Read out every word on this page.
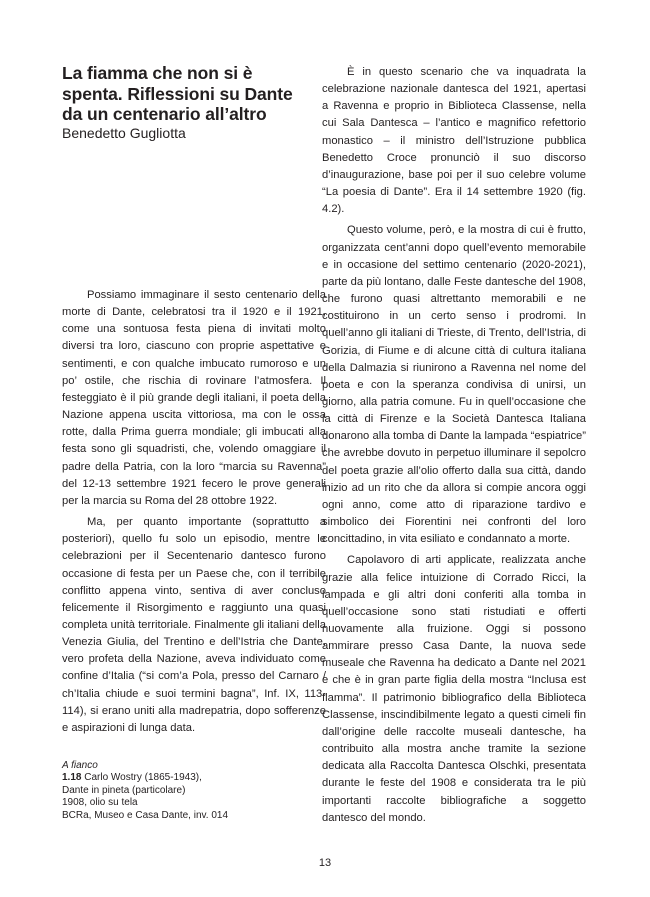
La fiamma che non si è spenta. Riflessioni su Dante da un centenario all’altro
Benedetto Gugliotta

Possiamo immaginare il sesto centenario della morte di Dante, celebratosi tra il 1920 e il 1921, come una sontuosa festa piena di invitati molto diversi tra loro, ciascuno con proprie aspettative e sentimenti, e con qualche imbucato rumoroso e un po’ ostile, che rischia di rovinare l’atmosfera. Il festeggiato è il più grande degli italiani, il poeta della Nazione appena uscita vittoriosa, ma con le ossa rotte, dalla Prima guerra mondiale; gli imbucati alla festa sono gli squadristi, che, volendo omaggiare il padre della Patria, con la loro “marcia su Ravenna” del 12-13 settembre 1921 fecero le prove generali per la marcia su Roma del 28 ottobre 1922.

Ma, per quanto importante (soprattutto a posteriori), quello fu solo un episodio, mentre le celebrazioni per il Secentenario dantesco furono occasione di festa per un Paese che, con il terribile conflitto appena vinto, sentiva di aver concluso felicemente il Risorgimento e raggiunto una quasi completa unità territoriale. Finalmente gli italiani della Venezia Giulia, del Trentino e dell’Istria che Dante, vero profeta della Nazione, aveva individuato come confine d’Italia (“si com’a Pola, presso del Carnaro / ch’Italia chiude e suoi termini bagna”, Inf. IX, 113-114), si erano uniti alla madrepatria, dopo sofferenze e aspirazioni di lunga data.

A fianco
1.18 Carlo Wostry (1865-1943),
Dante in pineta (particolare)
1908, olio su tela
BCRa, Museo e Casa Dante, inv. 014

È in questo scenario che va inquadrata la celebrazione nazionale dantesca del 1921, apertasi a Ravenna e proprio in Biblioteca Classense, nella cui Sala Dantesca – l’antico e magnifico refettorio monastico – il ministro dell’Istruzione pubblica Benedetto Croce pronunciò il suo discorso d’inaugurazione, base poi per il suo celebre volume “La poesia di Dante”. Era il 14 settembre 1920 (fig. 4.2).

Questo volume, però, e la mostra di cui è frutto, organizzata cent’anni dopo quell’evento memorabile e in occasione del settimo centenario (2020-2021), parte da più lontano, dalle Feste dantesche del 1908, che furono quasi altrettanto memorabili e ne costituirono in un certo senso i prodromi. In quell’anno gli italiani di Trieste, di Trento, dell’Istria, di Gorizia, di Fiume e di alcune città di cultura italiana della Dalmazia si riunirono a Ravenna nel nome del poeta e con la speranza condivisa di unirsi, un giorno, alla patria comune. Fu in quell’occasione che la città di Firenze e la Società Dantesca Italiana donarono alla tomba di Dante la lampada “espiatrice” che avrebbe dovuto in perpetuo illuminare il sepolcro del poeta grazie all’olio offerto dalla sua città, dando inizio ad un rito che da allora si compie ancora oggi ogni anno, come atto di riparazione tardivo e simbolico dei Fiorentini nei confronti del loro concittadino, in vita esiliato e condannato a morte.

Capolavoro di arti applicate, realizzata anche grazie alla felice intuizione di Corrado Ricci, la lampada e gli altri doni conferiti alla tomba in quell’occasione sono stati ristudiati e offerti nuovamente alla fruizione. Oggi si possono ammirare presso Casa Dante, la nuova sede museale che Ravenna ha dedicato a Dante nel 2021 e che è in gran parte figlia della mostra “Inclusa est flamma”. Il patrimonio bibliografico della Biblioteca Classense, inscindibilmente legato a questi cimeli fin dall’origine delle raccolte museali dantesche, ha contribuito alla mostra anche tramite la sezione dedicata alla Raccolta Dantesca Olschki, presentata durante le feste del 1908 e considerata tra le più importanti raccolte bibliografiche a soggetto dantesco del mondo.

13
